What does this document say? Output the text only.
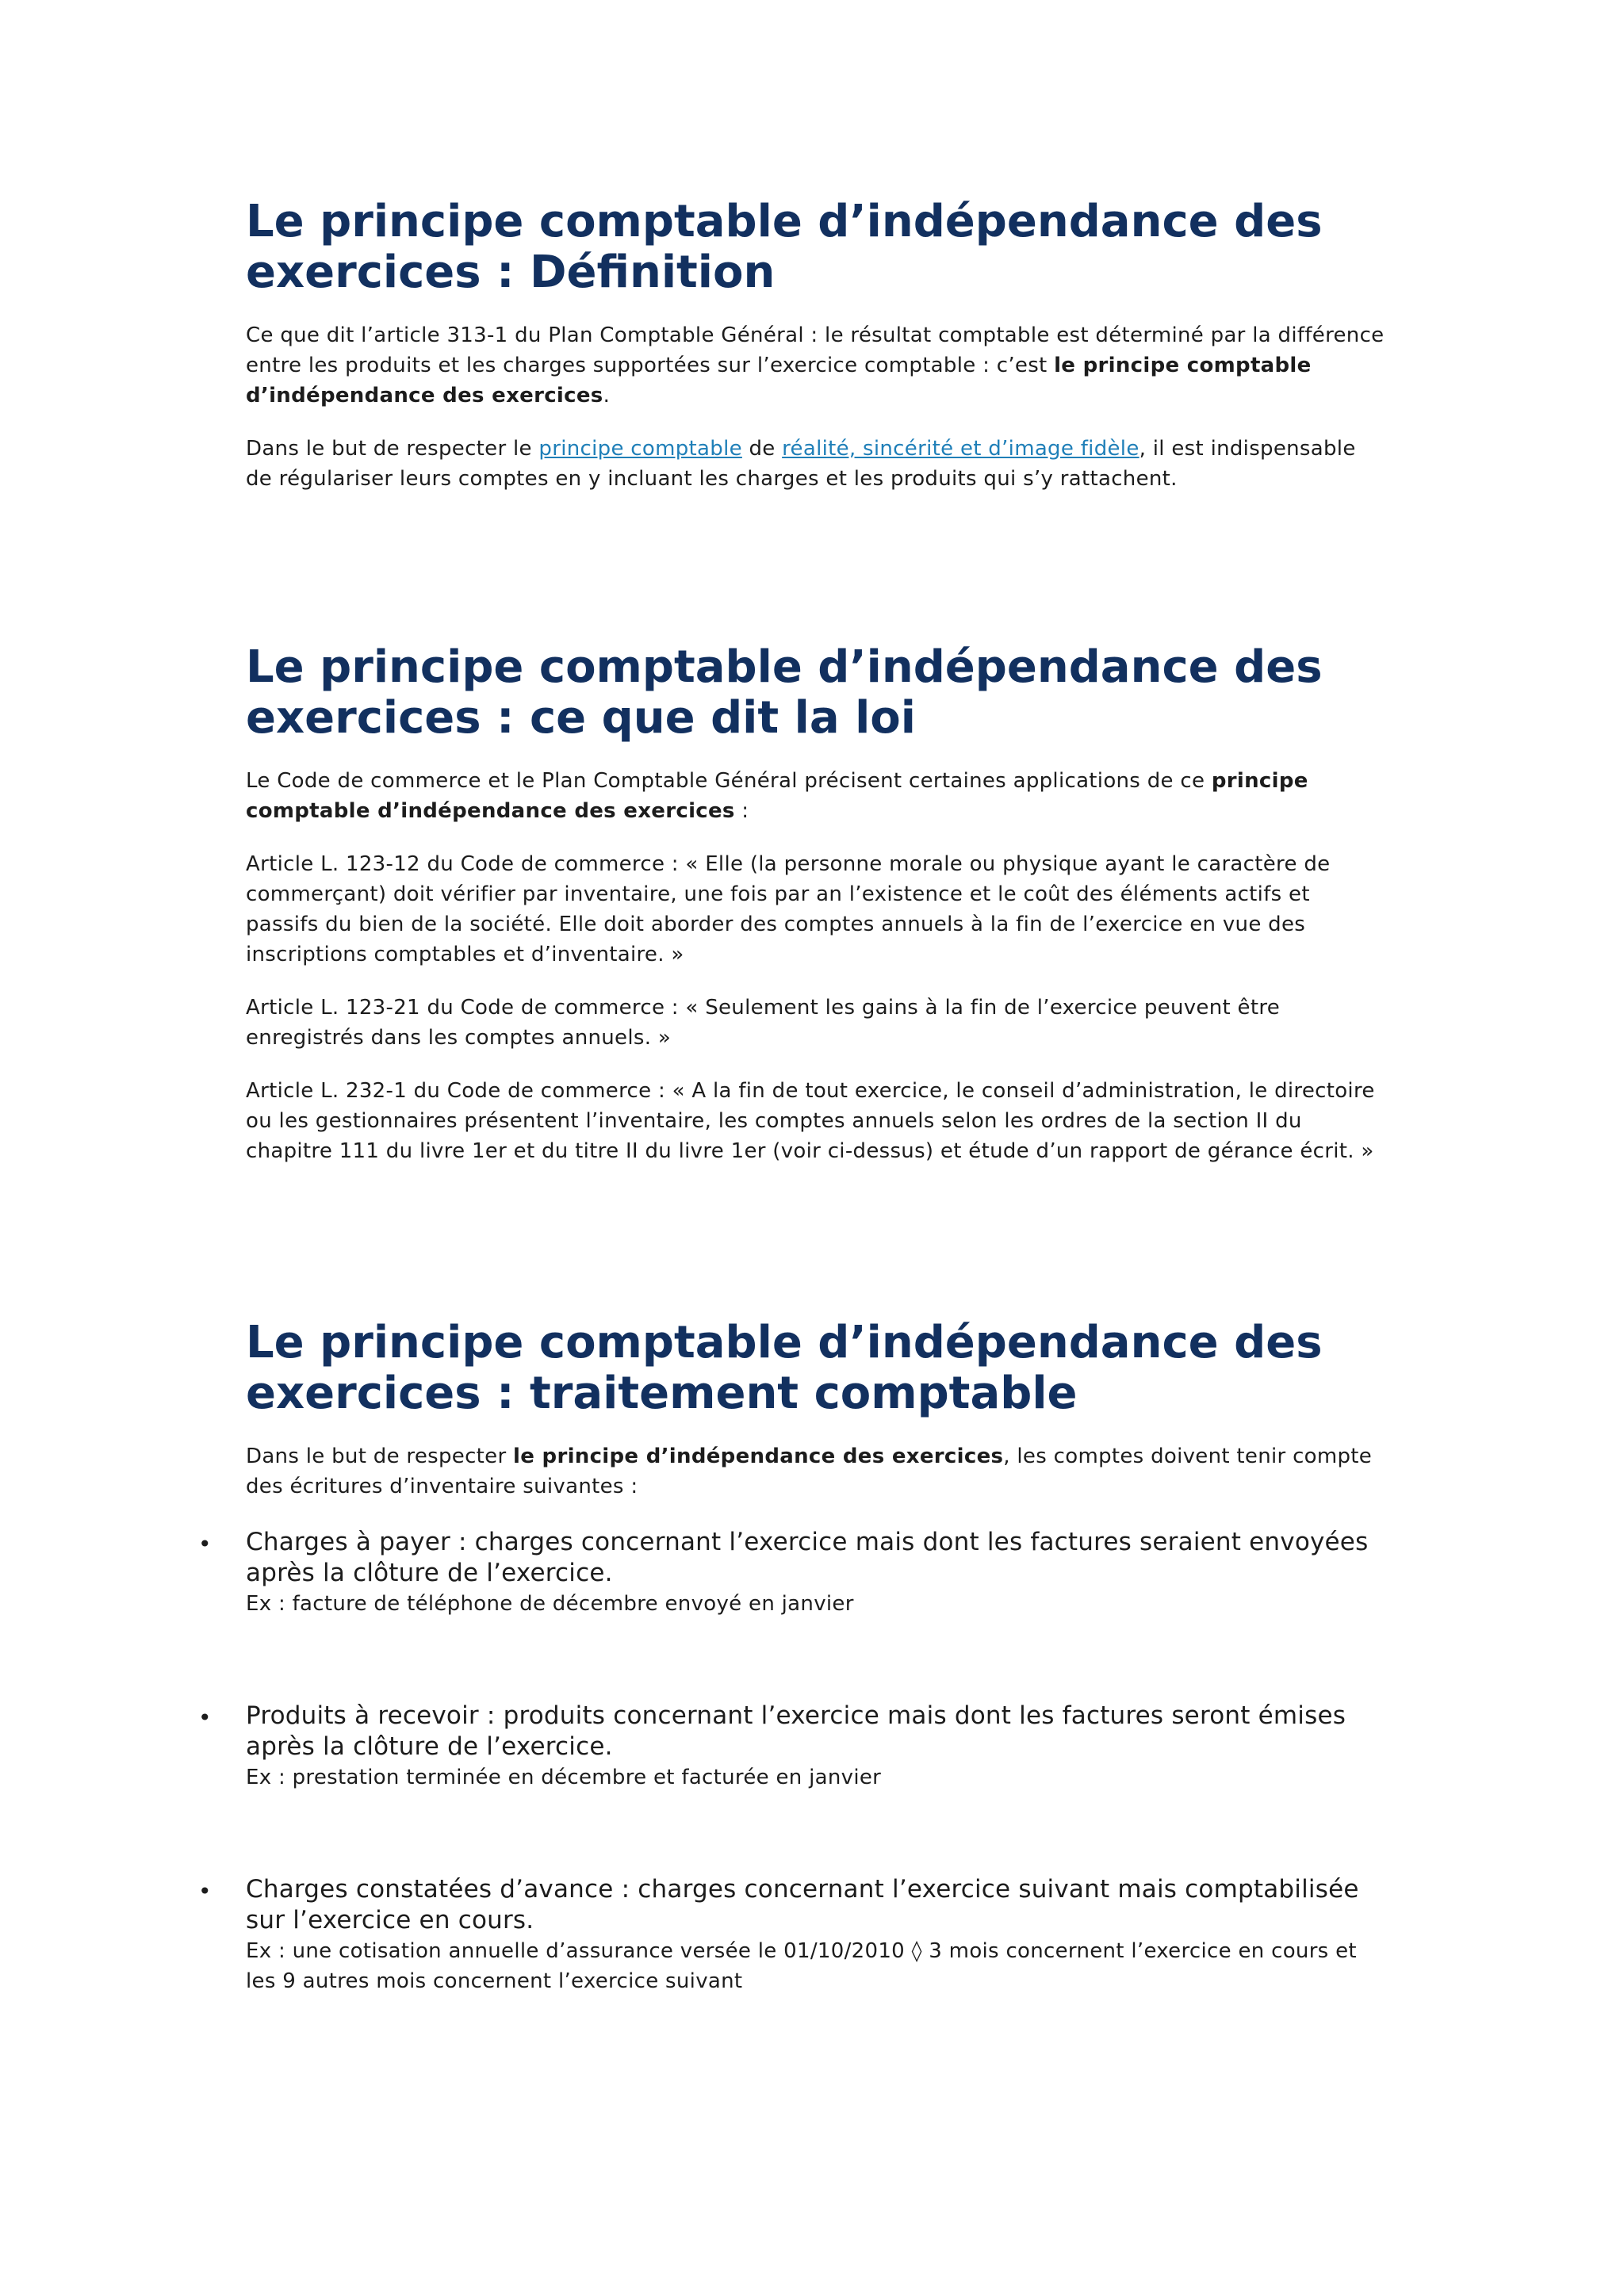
Le principe comptable d’indépendance des exercices : Définition

Ce que dit l’article 313-1 du Plan Comptable Général : le résultat comptable est déterminé par la différence entre les produits et les charges supportées sur l’exercice comptable : c’est le principe comptable d’indépendance des exercices.

Dans le but de respecter le principe comptable de réalité, sincérité et d’image fidèle, il est indispensable de régulariser leurs comptes en y incluant les charges et les produits qui s’y rattachent.

Le principe comptable d’indépendance des exercices : ce que dit la loi

Le Code de commerce et le Plan Comptable Général précisent certaines applications de ce principe comptable d’indépendance des exercices :

Article L. 123-12 du Code de commerce : « Elle (la personne morale ou physique ayant le caractère de commerçant) doit vérifier par inventaire, une fois par an l’existence et le coût des éléments actifs et passifs du bien de la société. Elle doit aborder des comptes annuels à la fin de l’exercice en vue des inscriptions comptables et d’inventaire. »

Article L. 123-21 du Code de commerce : « Seulement les gains à la fin de l’exercice peuvent être enregistrés dans les comptes annuels. »

Article L. 232-1 du Code de commerce : « A la fin de tout exercice, le conseil d’administration, le directoire ou les gestionnaires présentent l’inventaire, les comptes annuels selon les ordres de la section II du chapitre 111 du livre 1er et du titre II du livre 1er (voir ci-dessus) et étude d’un rapport de gérance écrit. »

Le principe comptable d’indépendance des exercices : traitement comptable

Dans le but de respecter le principe d’indépendance des exercices, les comptes doivent tenir compte des écritures d’inventaire suivantes :

• Charges à payer : charges concernant l’exercice mais dont les factures seraient envoyées après la clôture de l’exercice.

Ex : facture de téléphone de décembre envoyé en janvier

• Produits à recevoir : produits concernant l’exercice mais dont les factures seront émises après la clôture de l’exercice.

Ex : prestation terminée en décembre et facturée en janvier

• Charges constatées d’avance : charges concernant l’exercice suivant mais comptabilisée sur l’exercice en cours.

Ex : une cotisation annuelle d’assurance versée le 01/10/2010 ◊ 3 mois concernent l’exercice en cours et les 9 autres mois concernent l’exercice suivant
